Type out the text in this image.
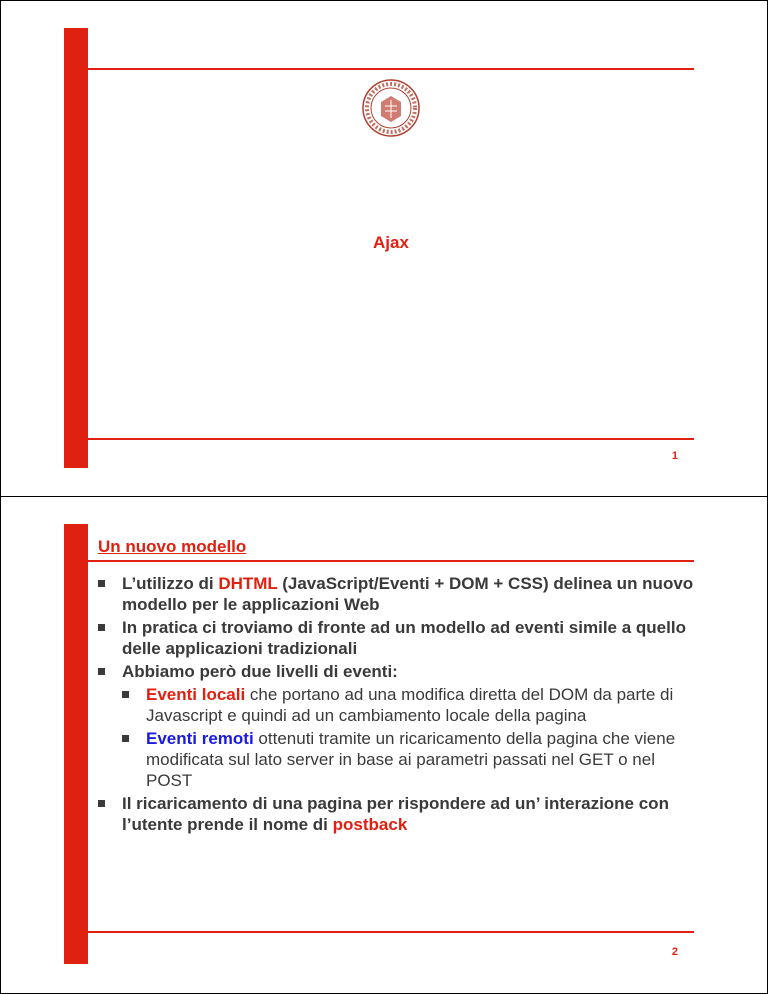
Ajax
1
Un nuovo modello
L’utilizzo di DHTML (JavaScript/Eventi + DOM + CSS) delinea un nuovo modello per le applicazioni Web
In pratica ci troviamo di fronte ad un modello ad eventi simile a quello delle applicazioni tradizionali
Abbiamo però due livelli di eventi:
Eventi locali che portano ad una modifica diretta del DOM da parte di Javascript e quindi ad un cambiamento locale della pagina
Eventi remoti ottenuti tramite un ricaricamento della pagina che viene modificata sul lato server in base ai parametri passati nel GET o nel POST
Il ricaricamento di una pagina per rispondere ad un’ interazione con l’utente prende il nome di postback
2
